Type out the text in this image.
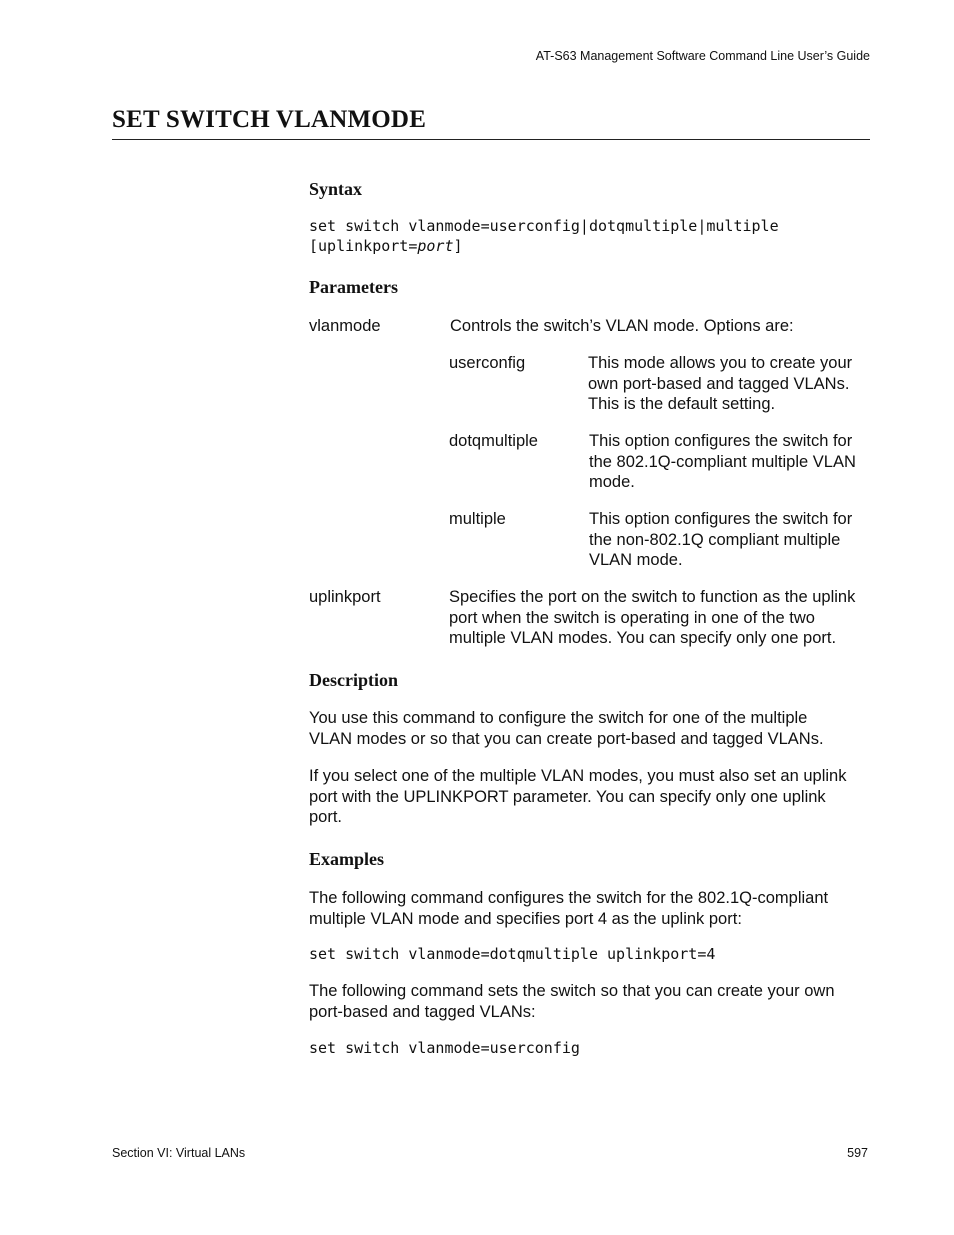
AT-S63 Management Software Command Line User’s Guide
SET SWITCH VLANMODE
Syntax
set switch vlanmode=userconfig|dotqmultiple|multiple
[uplinkport=port]
Parameters
vlanmode	Controls the switch’s VLAN mode. Options are:
userconfig	This mode allows you to create your
own port-based and tagged VLANs.
This is the default setting.
dotqmultiple	This option configures the switch for
the 802.1Q-compliant multiple VLAN
mode.
multiple	This option configures the switch for
the non-802.1Q compliant multiple
VLAN mode.
uplinkport	Specifies the port on the switch to function as the uplink
port when the switch is operating in one of the two
multiple VLAN modes. You can specify only one port.
Description
You use this command to configure the switch for one of the multiple
VLAN modes or so that you can create port-based and tagged VLANs.
If you select one of the multiple VLAN modes, you must also set an uplink
port with the UPLINKPORT parameter. You can specify only one uplink
port.
Examples
The following command configures the switch for the 802.1Q-compliant
multiple VLAN mode and specifies port 4 as the uplink port:
set switch vlanmode=dotqmultiple uplinkport=4
The following command sets the switch so that you can create your own
port-based and tagged VLANs:
set switch vlanmode=userconfig
Section VI: Virtual LANs	597
